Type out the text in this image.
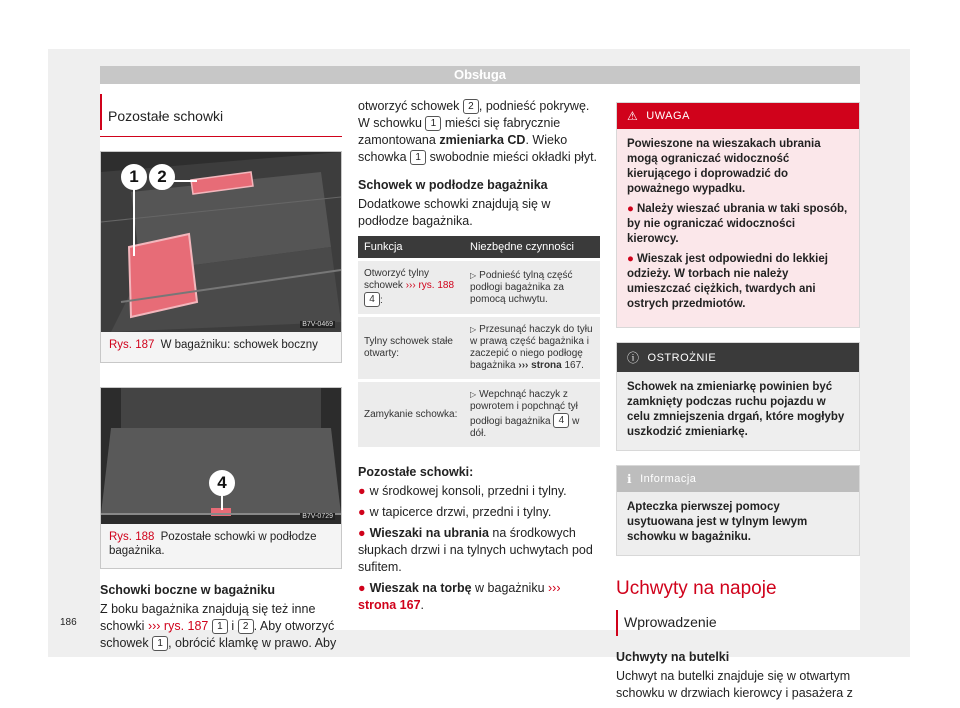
Obsługa
Pozostałe schowki
1	2
B7V-0469
Rys. 187 W bagażniku: schowek boczny
4
B7V-0729
Rys. 188 Pozostałe schowki w podłodze bagażnika.
Schowki boczne w bagażniku

Z boku bagażnika znajdują się też inne schowki ››› rys. 187 1 i 2 . Aby otworzyć schowek 1 , obrócić klamkę w prawo. Aby

otworzyć schowek 2 , podnieść pokrywę. W schowku 1 mieści się fabrycznie zamontowana zmieniarka CD. Wieko schowka 1 swobodnie mieści okładki płyt.

Schowek w podłodze bagażnika

Dodatkowe schowki znajdują się w podłodze bagażnika.

Funkcja	Niezbędne czynności
Otworzyć tylny schowek ››› rys. 188 4 :	▷ Podnieść tylną część podłogi bagażnika za pomocą uchwytu.
Tylny schowek stałe otwarty:	▷ Przesunąć haczyk do tyłu w prawą część bagażnika i zaczepić o niego podłogę bagażnika ››› strona 167.
Zamykanie schowka:	▷ Wepchnąć haczyk z powrotem i popchnąć tył podłogi bagażnika 4 w dół.
Pozostałe schowki:
● w środkowej konsoli, przedni i tylny.
● w tapicerce drzwi, przedni i tylny.
● Wieszaki na ubrania na środkowych słupkach drzwi i na tylnych uchwytach pod sufitem.
● Wieszak na torbę w bagażniku ››› strona 167.
⚠ UWAGA
Powieszone na wieszakach ubrania mogą ograniczać widoczność kierującego i doprowadzić do poważnego wypadku.
● Należy wieszać ubrania w taki sposób, by nie ograniczać widoczności kierowcy.
● Wieszak jest odpowiedni do lekkiej odzieży. W torbach nie należy umieszczać ciężkich, twardych ani ostrych przedmiotów.
ⓘ OSTROŻNIE
Schowek na zmieniarkę powinien być zamknięty podczas ruchu pojazdu w celu zmniejszenia drgań, które mogłyby uszkodzić zmieniarkę.
ℹ Informacja
Apteczka pierwszej pomocy usytuowana jest w tylnym lewym schowku w bagażniku.
Uchwyty na napoje
Wprowadzenie
Uchwyty na butelki

Uchwyt na butelki znajduje się w otwartym schowku w drzwiach kierowcy i pasażera z

186
